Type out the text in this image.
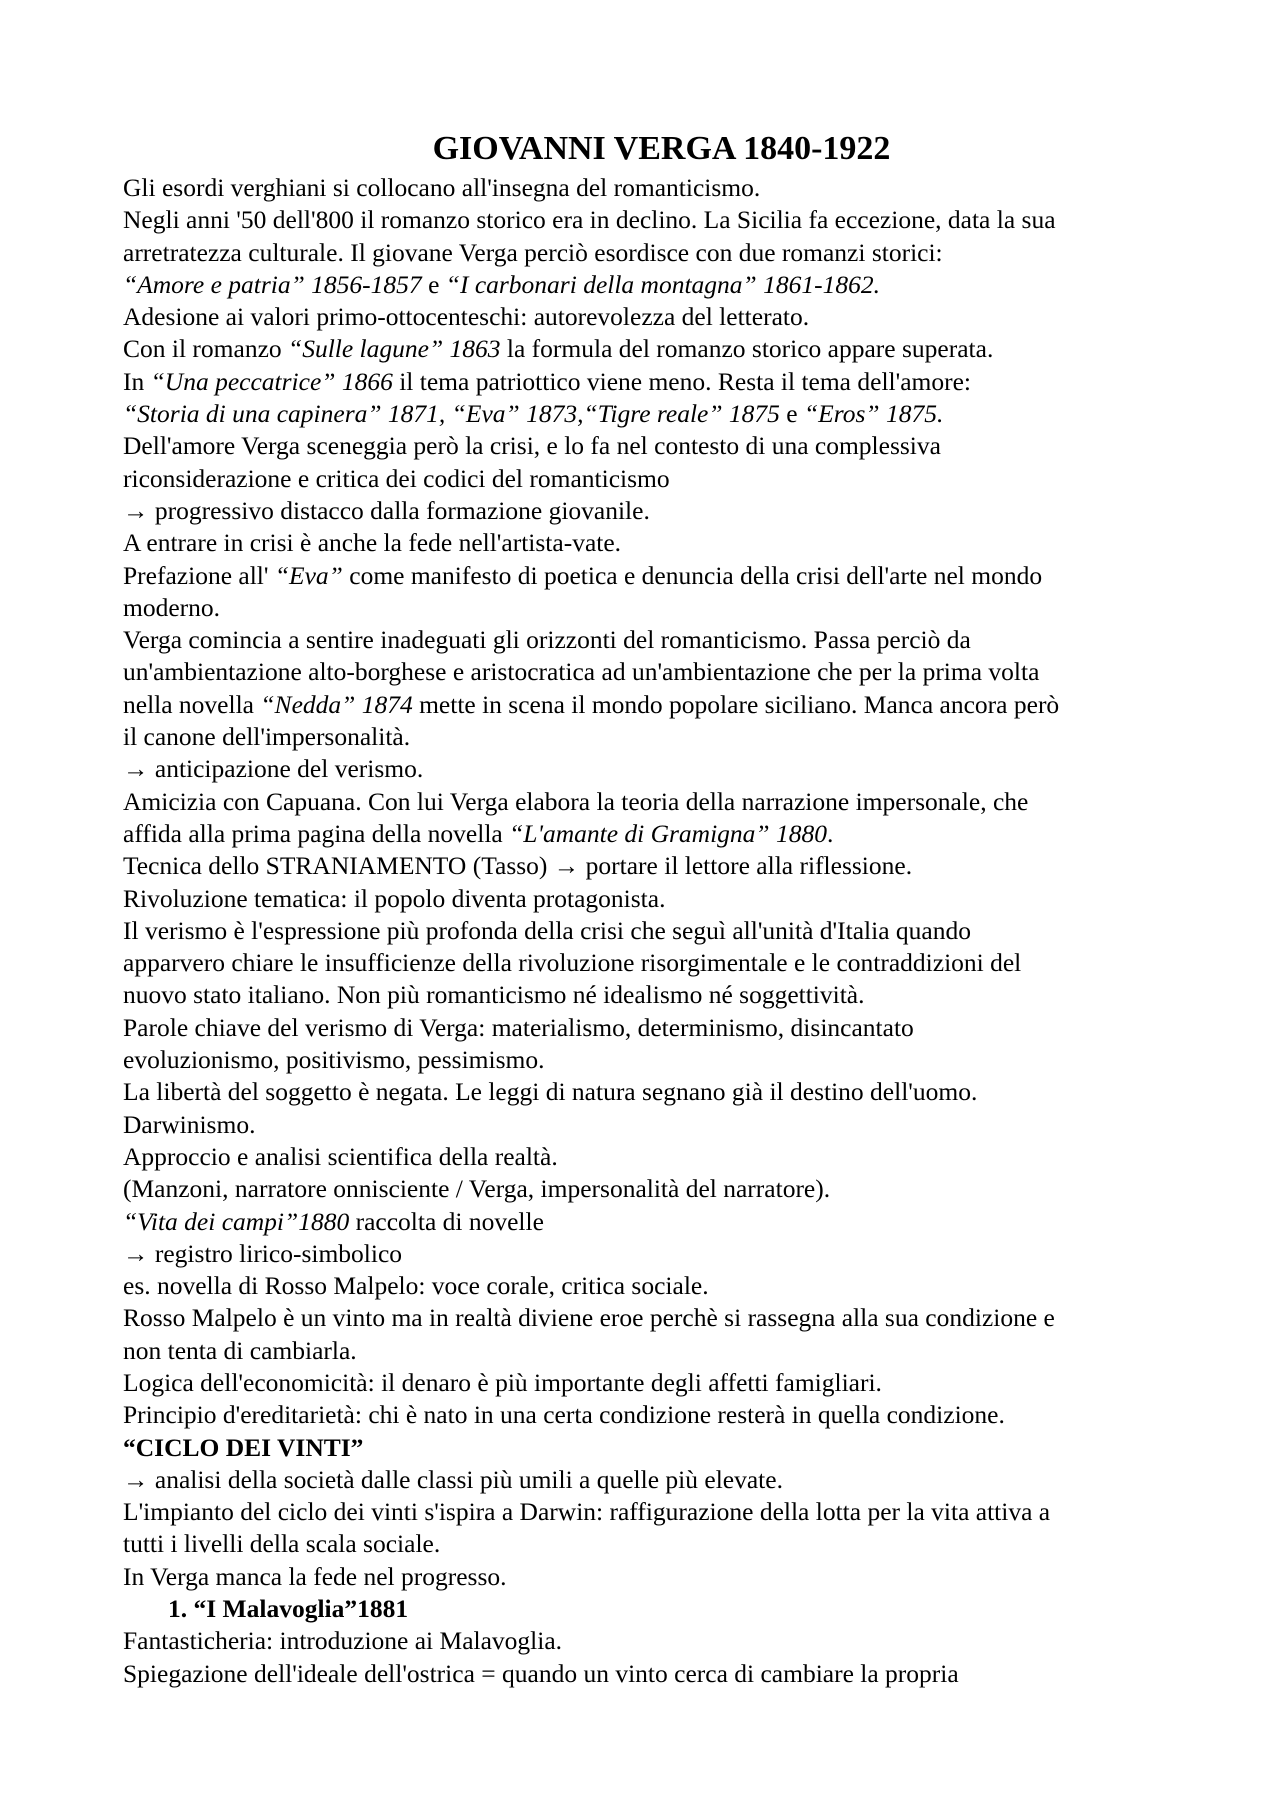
GIOVANNI VERGA 1840-1922
Gli esordi verghiani si collocano all'insegna del romanticismo.
Negli anni '50 dell'800 il romanzo storico era in declino. La Sicilia fa eccezione, data la sua
arretratezza culturale. Il giovane Verga perciò esordisce con due romanzi storici:
“Amore e patria” 1856-1857 e “I carbonari della montagna” 1861-1862.
Adesione ai valori primo-ottocenteschi: autorevolezza del letterato.
Con il romanzo “Sulle lagune” 1863 la formula del romanzo storico appare superata.
In “Una peccatrice” 1866 il tema patriottico viene meno. Resta il tema dell'amore:
“Storia di una capinera” 1871, “Eva” 1873,“Tigre reale” 1875 e “Eros” 1875.
Dell'amore Verga sceneggia però la crisi, e lo fa nel contesto di una complessiva
riconsiderazione e critica dei codici del romanticismo
→ progressivo distacco dalla formazione giovanile.
A entrare in crisi è anche la fede nell'artista-vate.
Prefazione all' “Eva” come manifesto di poetica e denuncia della crisi dell'arte nel mondo
moderno.
Verga comincia a sentire inadeguati gli orizzonti del romanticismo. Passa perciò da
un'ambientazione alto-borghese e aristocratica ad un'ambientazione che per la prima volta
nella novella “Nedda” 1874 mette in scena il mondo popolare siciliano. Manca ancora però
il canone dell'impersonalità.
→ anticipazione del verismo.
Amicizia con Capuana. Con lui Verga elabora la teoria della narrazione impersonale, che
affida alla prima pagina della novella “L'amante di Gramigna” 1880.
Tecnica dello STRANIAMENTO (Tasso) → portare il lettore alla riflessione.
Rivoluzione tematica: il popolo diventa protagonista.
Il verismo è l'espressione più profonda della crisi che seguì all'unità d'Italia quando
apparvero chiare le insufficienze della rivoluzione risorgimentale e le contraddizioni del
nuovo stato italiano. Non più romanticismo né idealismo né soggettività.
Parole chiave del verismo di Verga: materialismo, determinismo, disincantato
evoluzionismo, positivismo, pessimismo.
La libertà del soggetto è negata. Le leggi di natura segnano già il destino dell'uomo.
Darwinismo.
Approccio e analisi scientifica della realtà.
(Manzoni, narratore onnisciente / Verga, impersonalità del narratore).
“Vita dei campi”1880 raccolta di novelle
→ registro lirico-simbolico
es. novella di Rosso Malpelo: voce corale, critica sociale.
Rosso Malpelo è un vinto ma in realtà diviene eroe perchè si rassegna alla sua condizione e
non tenta di cambiarla.
Logica dell'economicità: il denaro è più importante degli affetti famigliari.
Principio d'ereditarietà: chi è nato in una certa condizione resterà in quella condizione.
“CICLO DEI VINTI”
→ analisi della società dalle classi più umili a quelle più elevate.
L'impianto del ciclo dei vinti s'ispira a Darwin: raffigurazione della lotta per la vita attiva a
tutti i livelli della scala sociale.
In Verga manca la fede nel progresso.
1. “I Malavoglia”1881
Fantasticheria: introduzione ai Malavoglia.
Spiegazione dell'ideale dell'ostrica = quando un vinto cerca di cambiare la propria
